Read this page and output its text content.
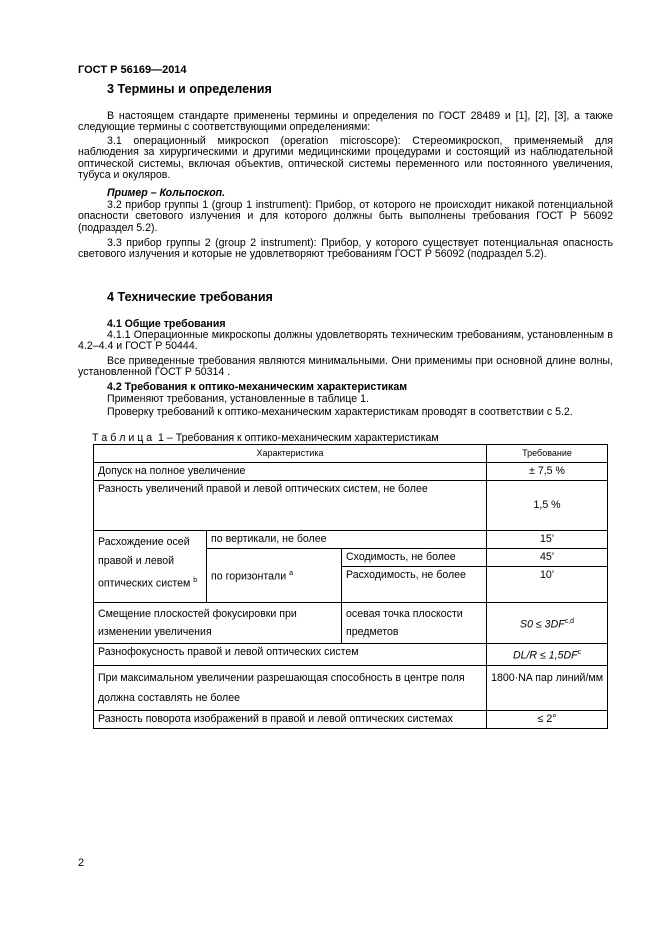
ГОСТ Р 56169—2014
3 Термины и определения
В настоящем стандарте применены термины и определения по ГОСТ 28489 и [1], [2], [3], а также следующие термины с соответствующими определениями:
3.1 операционный микроскоп (operation microscope): Стереомикроскоп, применяемый для наблюдения за хирургическими и другими медицинскими процедурами и состоящий из наблюдательной оптической системы, включая объектив, оптической системы переменного или постоянного увеличения, тубуса и окуляров.
Пример – Кольпоскоп.
3.2 прибор группы 1 (group 1 instrument): Прибор, от которого не происходит никакой потенциальной опасности светового излучения и для которого должны быть выполнены требования ГОСТ Р 56092 (подраздел 5.2).
3.3 прибор группы 2 (group 2 instrument): Прибор, у которого существует потенциальная опасность светового излучения и которые не удовлетворяют требованиям ГОСТ Р 56092 (подраздел 5.2).
4 Технические требования
4.1 Общие требования
4.1.1 Операционные микроскопы должны удовлетворять техническим требованиям, установленным в 4.2–4.4 и ГОСТ Р 50444.
Все приведенные требования являются минимальными. Они применимы при основной длине волны, установленной ГОСТ Р 50314 .
4.2 Требования к оптико-механическим характеристикам
Применяют требования, установленные в таблице 1.
Проверку требований к оптико-механическим характеристикам проводят в соответствии с 5.2.
Т а б л и ц а  1 – Требования к оптико-механическим характеристикам
Характеристика			Требование
Допуск на полное увеличение			± 7,5 %
Разность увеличений правой и левой оптических систем, не более			1,5 %
Расхождение осей правой и левой оптических систем $^b$	по вертикали, не более		15’
	по горизонтали $^a$	Сходимость, не более	45’
		Расходимость, не более	10’
Смещение плоскостей фокусировки при изменении увеличения		осевая точка плоскости предметов	S0 ≤ 3DF$^{c,d}$
Разнофокусность правой и левой оптических систем			$DL/R \le 1,5DF^c$
При максимальном увеличении разрешающая способность в центре поля должна составлять не более			1800·NA пар линий/мм
Разность поворота изображений в правой и левой оптических системах			≤ 2°
2
